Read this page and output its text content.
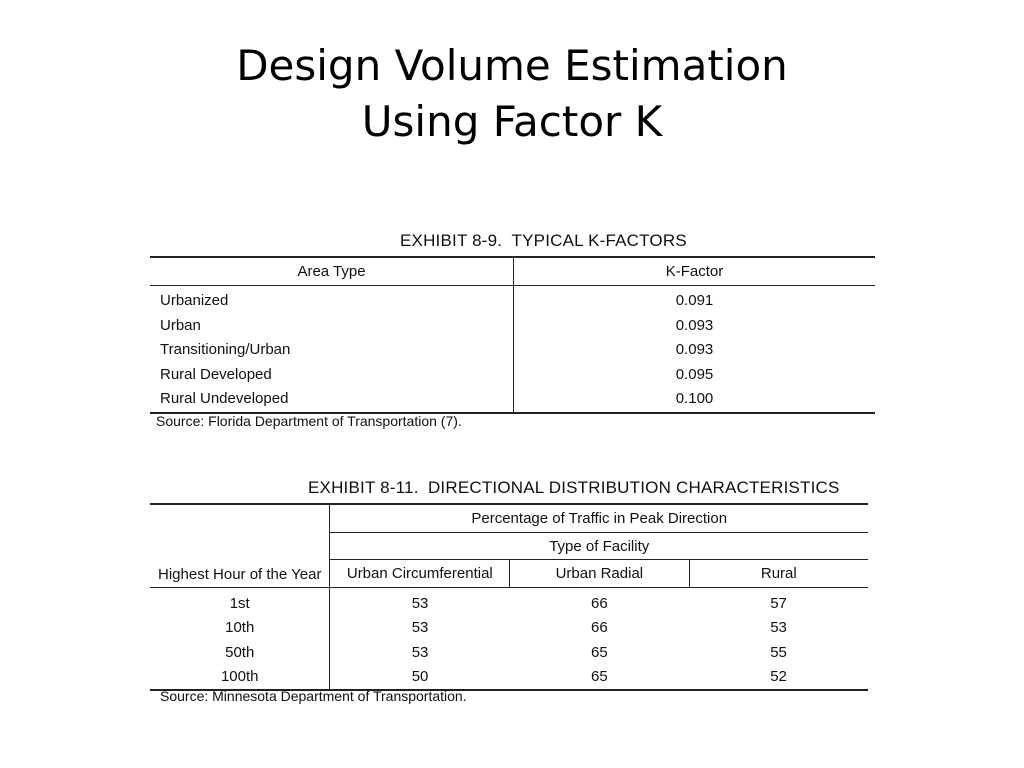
Design Volume Estimation
Using Factor K
EXHIBIT 8-9. TYPICAL K-FACTORS
Area Type	K-Factor
Urbanized	0.091
Urban	0.093
Transitioning/Urban	0.093
Rural Developed	0.095
Rural Undeveloped	0.100
Source: Florida Department of Transportation (7).
EXHIBIT 8-11. DIRECTIONAL DISTRIBUTION CHARACTERISTICS
Highest Hour of the Year	Percentage of Traffic in Peak Direction		
	Type of Facility		
	Urban Circumferential	Urban Radial	Rural
1st	53	66	57
10th	53	66	53
50th	53	65	55
100th	50	65	52
Source: Minnesota Department of Transportation.
